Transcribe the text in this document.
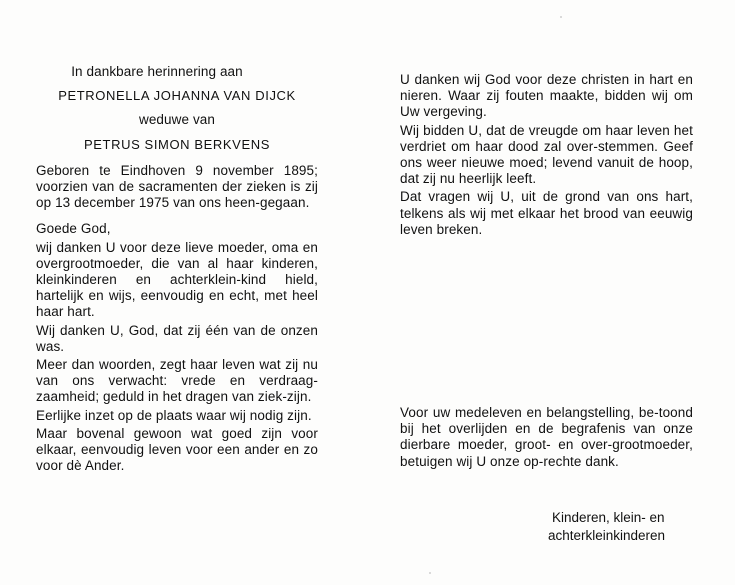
In dankbare herinnering aan

PETRONELLA JOHANNA VAN DIJCK

weduwe van

PETRUS SIMON BERKVENS

Geboren te Eindhoven 9 november 1895; voorzien van de sacramenten der zieken is zij op 13 december 1975 van ons heen-gegaan.

Goede God,

wij danken U voor deze lieve moeder, oma en overgrootmoeder, die van al haar kinderen, kleinkinderen en achterklein-kind hield, hartelijk en wijs, eenvoudig en echt, met heel haar hart.

Wij danken U, God, dat zij één van de onzen was.

Meer dan woorden, zegt haar leven wat zij nu van ons verwacht: vrede en verdraag-zaamheid; geduld in het dragen van ziek-zijn.

Eerlijke inzet op de plaats waar wij nodig zijn.

Maar bovenal gewoon wat goed zijn voor elkaar, eenvoudig leven voor een ander en zo voor dè Ander.

U danken wij God voor deze christen in hart en nieren. Waar zij fouten maakte, bidden wij om Uw vergeving.

Wij bidden U, dat de vreugde om haar leven het verdriet om haar dood zal over-stemmen. Geef ons weer nieuwe moed; levend vanuit de hoop, dat zij nu heerlijk leeft.

Dat vragen wij U, uit de grond van ons hart, telkens als wij met elkaar het brood van eeuwig leven breken.

Voor uw medeleven en belangstelling, be-toond bij het overlijden en de begrafenis van onze dierbare moeder, groot- en over-grootmoeder, betuigen wij U onze op-rechte dank.

Kinderen, klein- en
achterkleinkinderen
